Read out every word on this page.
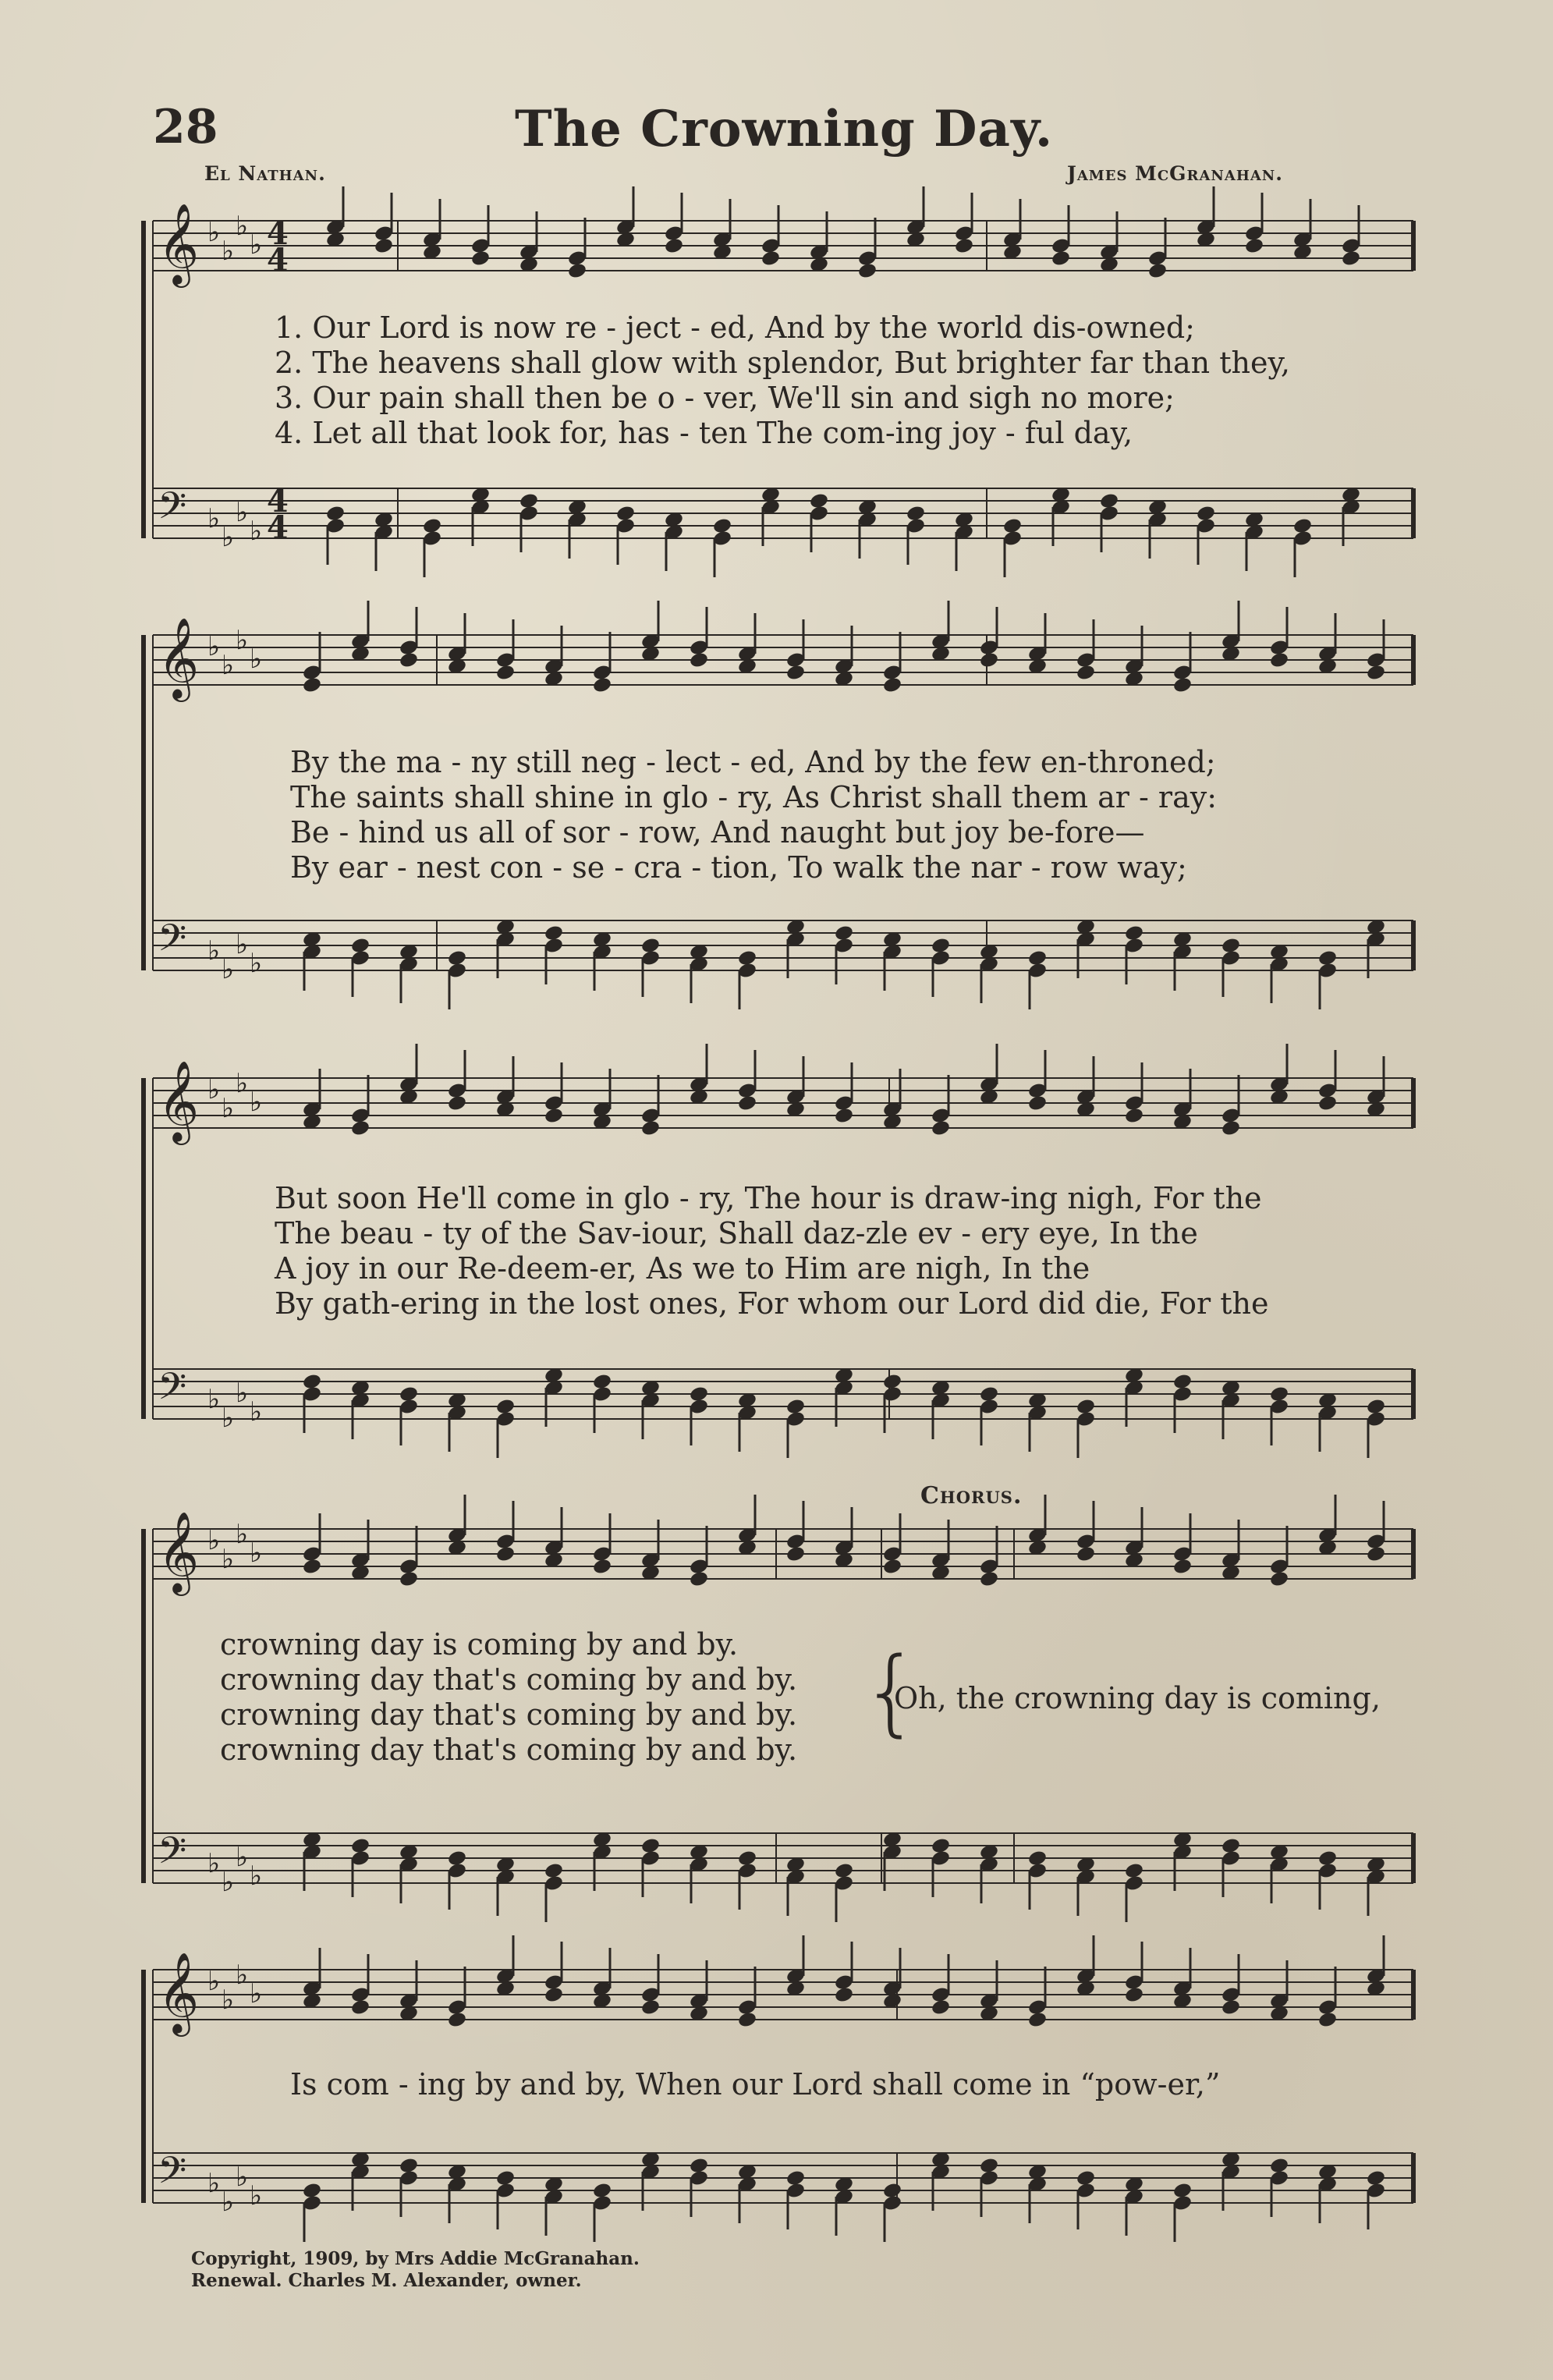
28	The Crowning Day.
El Nathan.	James McGranahan.
𝄞 ♭
♭
♭
♭ 4
4
𝄢 ♭
♭
♭
♭
4
4
𝄞 ♭
♭
♭
♭
𝄢 ♭
♭
♭
♭
𝄞 ♭
♭
♭
♭
𝄢 ♭
♭
♭
♭
𝄞 ♭
♭
♭
♭
𝄢 ♭
♭
♭
♭
𝄞 ♭
♭
♭
♭
𝄢 ♭
♭
♭
♭
1. Our Lord is now re - ject - ed, And by the world dis-owned;
2. The heavens shall glow with splendor, But brighter far than they,
3. Our pain shall then be o - ver, We'll sin and sigh no more;
4. Let all that look for, has - ten The com-ing joy - ful day,
By the ma - ny still neg - lect - ed, And by the few en-throned;
The saints shall shine in glo - ry, As Christ shall them ar - ray:
Be - hind us all of sor - row, And naught but joy be-fore—
By ear - nest con - se - cra - tion, To walk the nar - row way;
But soon He'll come in glo - ry, The hour is draw-ing nigh, For the
The beau - ty of the Sav-iour, Shall daz-zle ev - ery eye, In the
A joy in our Re-deem-er, As we to Him are nigh, In the
By gath-ering in the lost ones, For whom our Lord did die, For the
Chorus.
crowning day is coming by and by.
crowning day that's coming by and by.
crowning day that's coming by and by.
crowning day that's coming by and by.
{
Oh, the crowning day is coming,
Is com - ing by and by, When our Lord shall come in “pow-er,”
Copyright, 1909, by Mrs Addie McGranahan.
Renewal. Charles M. Alexander, owner.
